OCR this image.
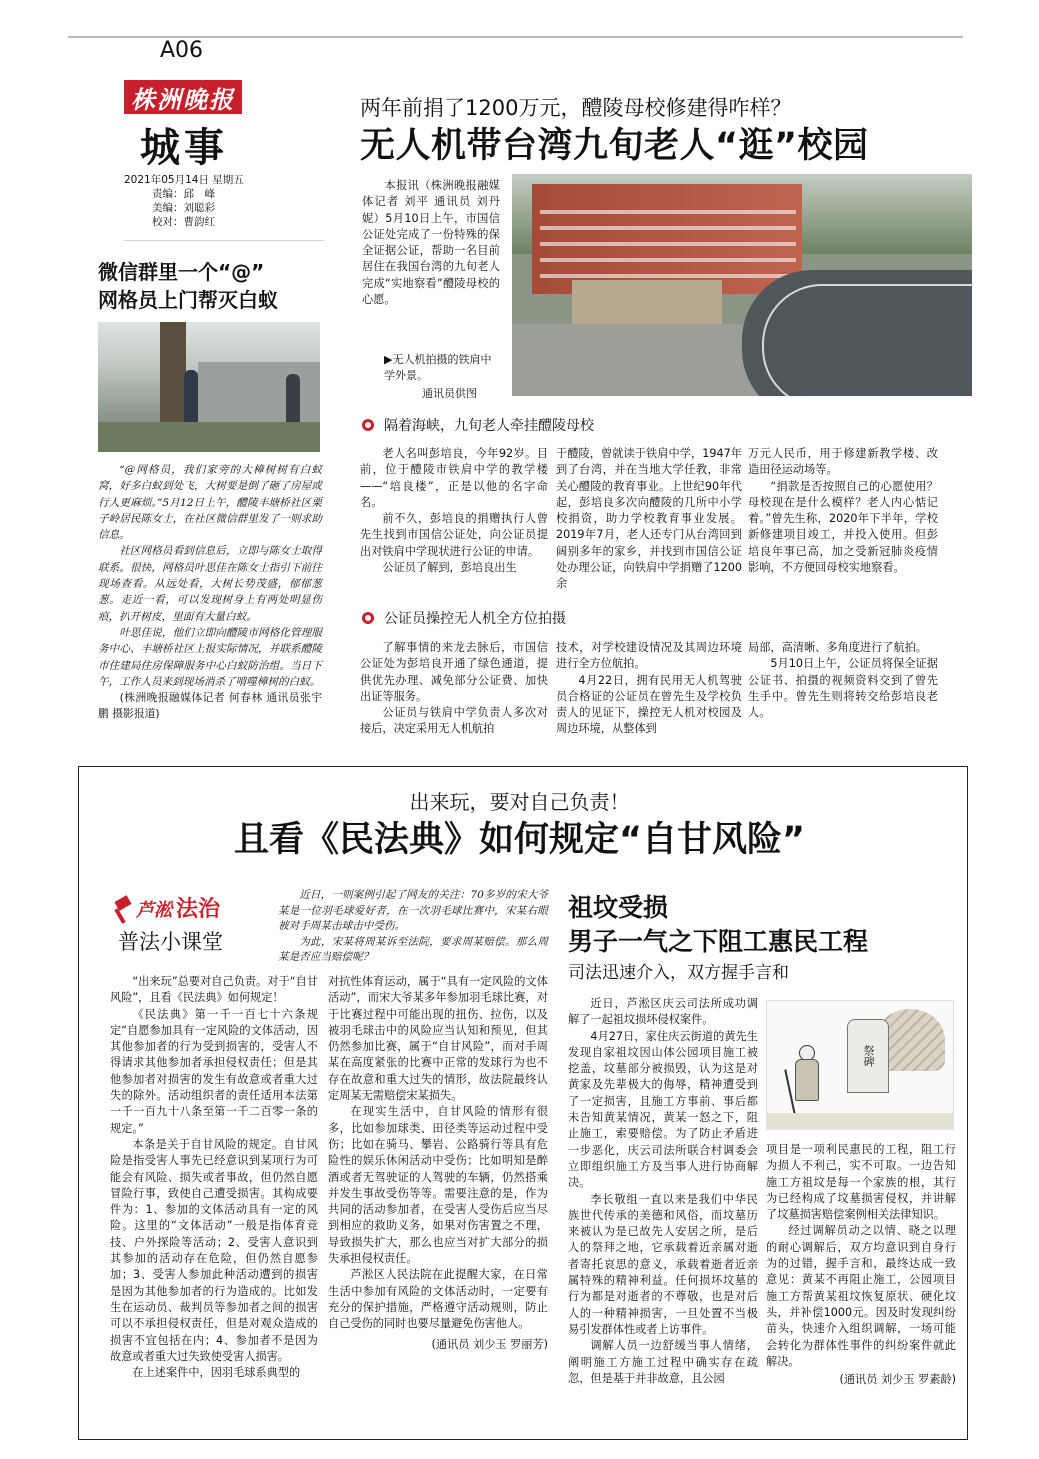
A06
株洲晚报
城事
2021年05月14日 星期五
责编：邱　峰
美编：刘聪彩
校对：曹韵红
微信群里一个“@”
网格员上门帮灭白蚁

“@网格员，我们家旁的大樟树树有白蚁窝，好多白蚁到处飞，大树要是倒了砸了房屋或行人更麻烦。”5月12日上午，醴陵丰塘桥社区栗子岭居民陈女士，在社区微信群里发了一则求助信息。

社区网格员看到信息后，立即与陈女士取得联系。很快，网格员叶思佳在陈女士指引下前往现场查看。从远处看，大树长势茂盛，郁郁葱葱。走近一看，可以发现树身上有两处明显伤痕，扒开树皮，里面有大量白蚁。

叶思佳说，他们立即向醴陵市网格化管理服务中心、丰塘桥社区上报实际情况，并联系醴陵市住建局住房保障服务中心白蚁防治组。当日下午，工作人员来到现场消杀了啃噬樟树的白蚁。

(株洲晚报融媒体记者 何春林 通讯员张宇鹏 摄影报道)

两年前捐了1200万元，醴陵母校修建得咋样？
无人机带台湾九旬老人“逛”校园

本报讯（株洲晚报融媒体记者 刘平 通讯员 刘丹妮）5月10日上午，市国信公证处完成了一份特殊的保全证据公证，帮助一名目前居住在我国台湾的九旬老人完成“实地察看”醴陵母校的心愿。

▶无人机拍摄的铁肩中学外景。
通讯员供图
隔着海峡，九旬老人牵挂醴陵母校

老人名叫彭培良，今年92岁。目前，位于醴陵市铁肩中学的教学楼——“培良楼”，正是以他的名字命名。

前不久，彭培良的捐赠执行人曾先生找到市国信公证处，向公证员提出对铁肩中学现状进行公证的申请。

公证员了解到，彭培良出生

于醴陵，曾就读于铁肩中学，1947年到了台湾，并在当地大学任教，非常关心醴陵的教育事业。上世纪90年代起，彭培良多次向醴陵的几所中小学校捐资，助力学校教育事业发展。2019年7月，老人还专门从台湾回到阔别多年的家乡，并找到市国信公证处办理公证，向铁肩中学捐赠了1200余

万元人民币，用于修建新教学楼、改造田径运动场等。

“捐款是否按照自己的心愿使用？母校现在是什么模样？老人内心惦记着。”曾先生称，2020年下半年，学校新修建项目竣工，并投入使用。但彭培良年事已高，加之受新冠肺炎疫情影响，不方便回母校实地察看。

公证员操控无人机全方位拍摄

了解事情的来龙去脉后，市国信公证处为彭培良开通了绿色通道，提供优先办理、减免部分公证费、加快出证等服务。

公证员与铁肩中学负责人多次对接后，决定采用无人机航拍

技术，对学校建设情况及其周边环境进行全方位航拍。

4月22日，拥有民用无人机驾驶员合格证的公证员在曾先生及学校负责人的见证下，操控无人机对校园及周边环境，从整体到

局部，高清晰、多角度进行了航拍。

5月10日上午，公证员将保全证据公证书、拍摄的视频资料交到了曾先生手中。曾先生则将转交给彭培良老人。

出来玩，要对自己负责！
且看《民法典》如何规定“自甘风险”
芦淞 法治
普法小课堂

近日，一则案例引起了网友的关注：70多岁的宋大爷某是一位羽毛球爱好者，在一次羽毛球比赛中，宋某右眼被对手周某击球击中受伤。

为此，宋某将周某诉至法院，要求周某赔偿。那么周某是否应当赔偿呢？

“出来玩”总要对自己负责。对于“自甘风险”，且看《民法典》如何规定！

《民法典》第一千一百七十六条规定“自愿参加具有一定风险的文体活动，因其他参加者的行为受到损害的，受害人不得请求其他参加者承担侵权责任；但是其他参加者对损害的发生有故意或者重大过失的除外。活动组织者的责任适用本法第一千一百九十八条至第一千二百零一条的规定。”

本条是关于自甘风险的规定。自甘风险是指受害人事先已经意识到某项行为可能会有风险、损失或者事故，但仍然自愿冒险行事，致使自己遭受损害。其构成要件为：1、参加的文体活动具有一定的风险。这里的“文体活动”一般是指体育竞技、户外探险等活动；2、受害人意识到其参加的活动存在危险，但仍然自愿参加；3、受害人参加此种活动遭到的损害是因为其他参加者的行为造成的。比如发生在运动员、裁判员等参加者之间的损害可以不承担侵权责任，但是对观众造成的损害不宜包括在内；4、参加者不是因为故意或者重大过失致使受害人损害。

在上述案件中，因羽毛球系典型的

对抗性体育运动，属于“具有一定风险的文体活动”，而宋大爷某多年参加羽毛球比赛，对于比赛过程中可能出现的扭伤、拉伤，以及被羽毛球击中的风险应当认知和预见，但其仍然参加比赛，属于“自甘风险”，而对手周某在高度紧张的比赛中正常的发球行为也不存在故意和重大过失的情形，故法院最终认定周某无需赔偿宋某损失。

在现实生活中，自甘风险的情形有很多，比如参加球类、田径类等运动过程中受伤；比如在骑马、攀岩、公路骑行等具有危险性的娱乐休闲活动中受伤；比如明知是醉酒或者无驾驶证的人驾驶的车辆，仍然搭乘并发生事故受伤等等。需要注意的是，作为共同的活动参加者，在受害人受伤后应当尽到相应的救助义务，如果对伤害置之不理，导致损失扩大，那么也应当对扩大部分的损失承担侵权责任。

芦淞区人民法院在此提醒大家，在日常生活中参加有风险的文体活动时，一定要有充分的保护措施，严格遵守活动规则，防止自己受伤的同时也要尽量避免伤害他人。

(通讯员 刘少玉 罗丽芳)

祖坟受损
男子一气之下阻工惠民工程
司法迅速介入，双方握手言和

近日，芦淞区庆云司法所成功调解了一起祖坟损坏侵权案件。

4月27日，家住庆云街道的黄先生发现自家祖坟因山体公园项目施工被挖盖，坟墓部分被损毁，认为这是对黄家及先辈极大的侮辱，精神遭受到了一定损害，且施工方事前、事后都未告知黄某情况，黄某一怒之下，阻止施工，索要赔偿。为了防止矛盾进一步恶化，庆云司法所联合村调委会立即组织施工方及当事人进行协商解决。

李长敬组一直以来是我们中华民族世代传承的美德和风俗，而坟墓历来被认为是已故先人安居之所，是后人的祭拜之地，它承载着近亲属对逝者寄托哀思的意义，承载着逝者近亲属特殊的精神利益。任何损坏坟墓的行为都是对逝者的不尊敬，也是对后人的一种精神损害，一旦处置不当极易引发群体性或者上访事件。

调解人员一边舒缓当事人情绪，阐明施工方施工过程中确实存在疏忽，但是基于并非故意，且公园

祭碑

项目是一项利民惠民的工程，阻工行为损人不利己，实不可取。一边告知施工方祖坟是每一个家族的根，其行为已经构成了坟墓损害侵权，并讲解了坟墓损害赔偿案例相关法律知识。

经过调解员动之以情、晓之以理的耐心调解后，双方均意识到自身行为的过错，握手言和，最终达成一致意见：黄某不再阻止施工，公园项目施工方帮黄某祖坟恢复原状、硬化坟头，并补偿1000元。因及时发现纠纷苗头，快速介入组织调解，一场可能会转化为群体性事件的纠纷案件就此解决。

(通讯员 刘少玉 罗素龄)
